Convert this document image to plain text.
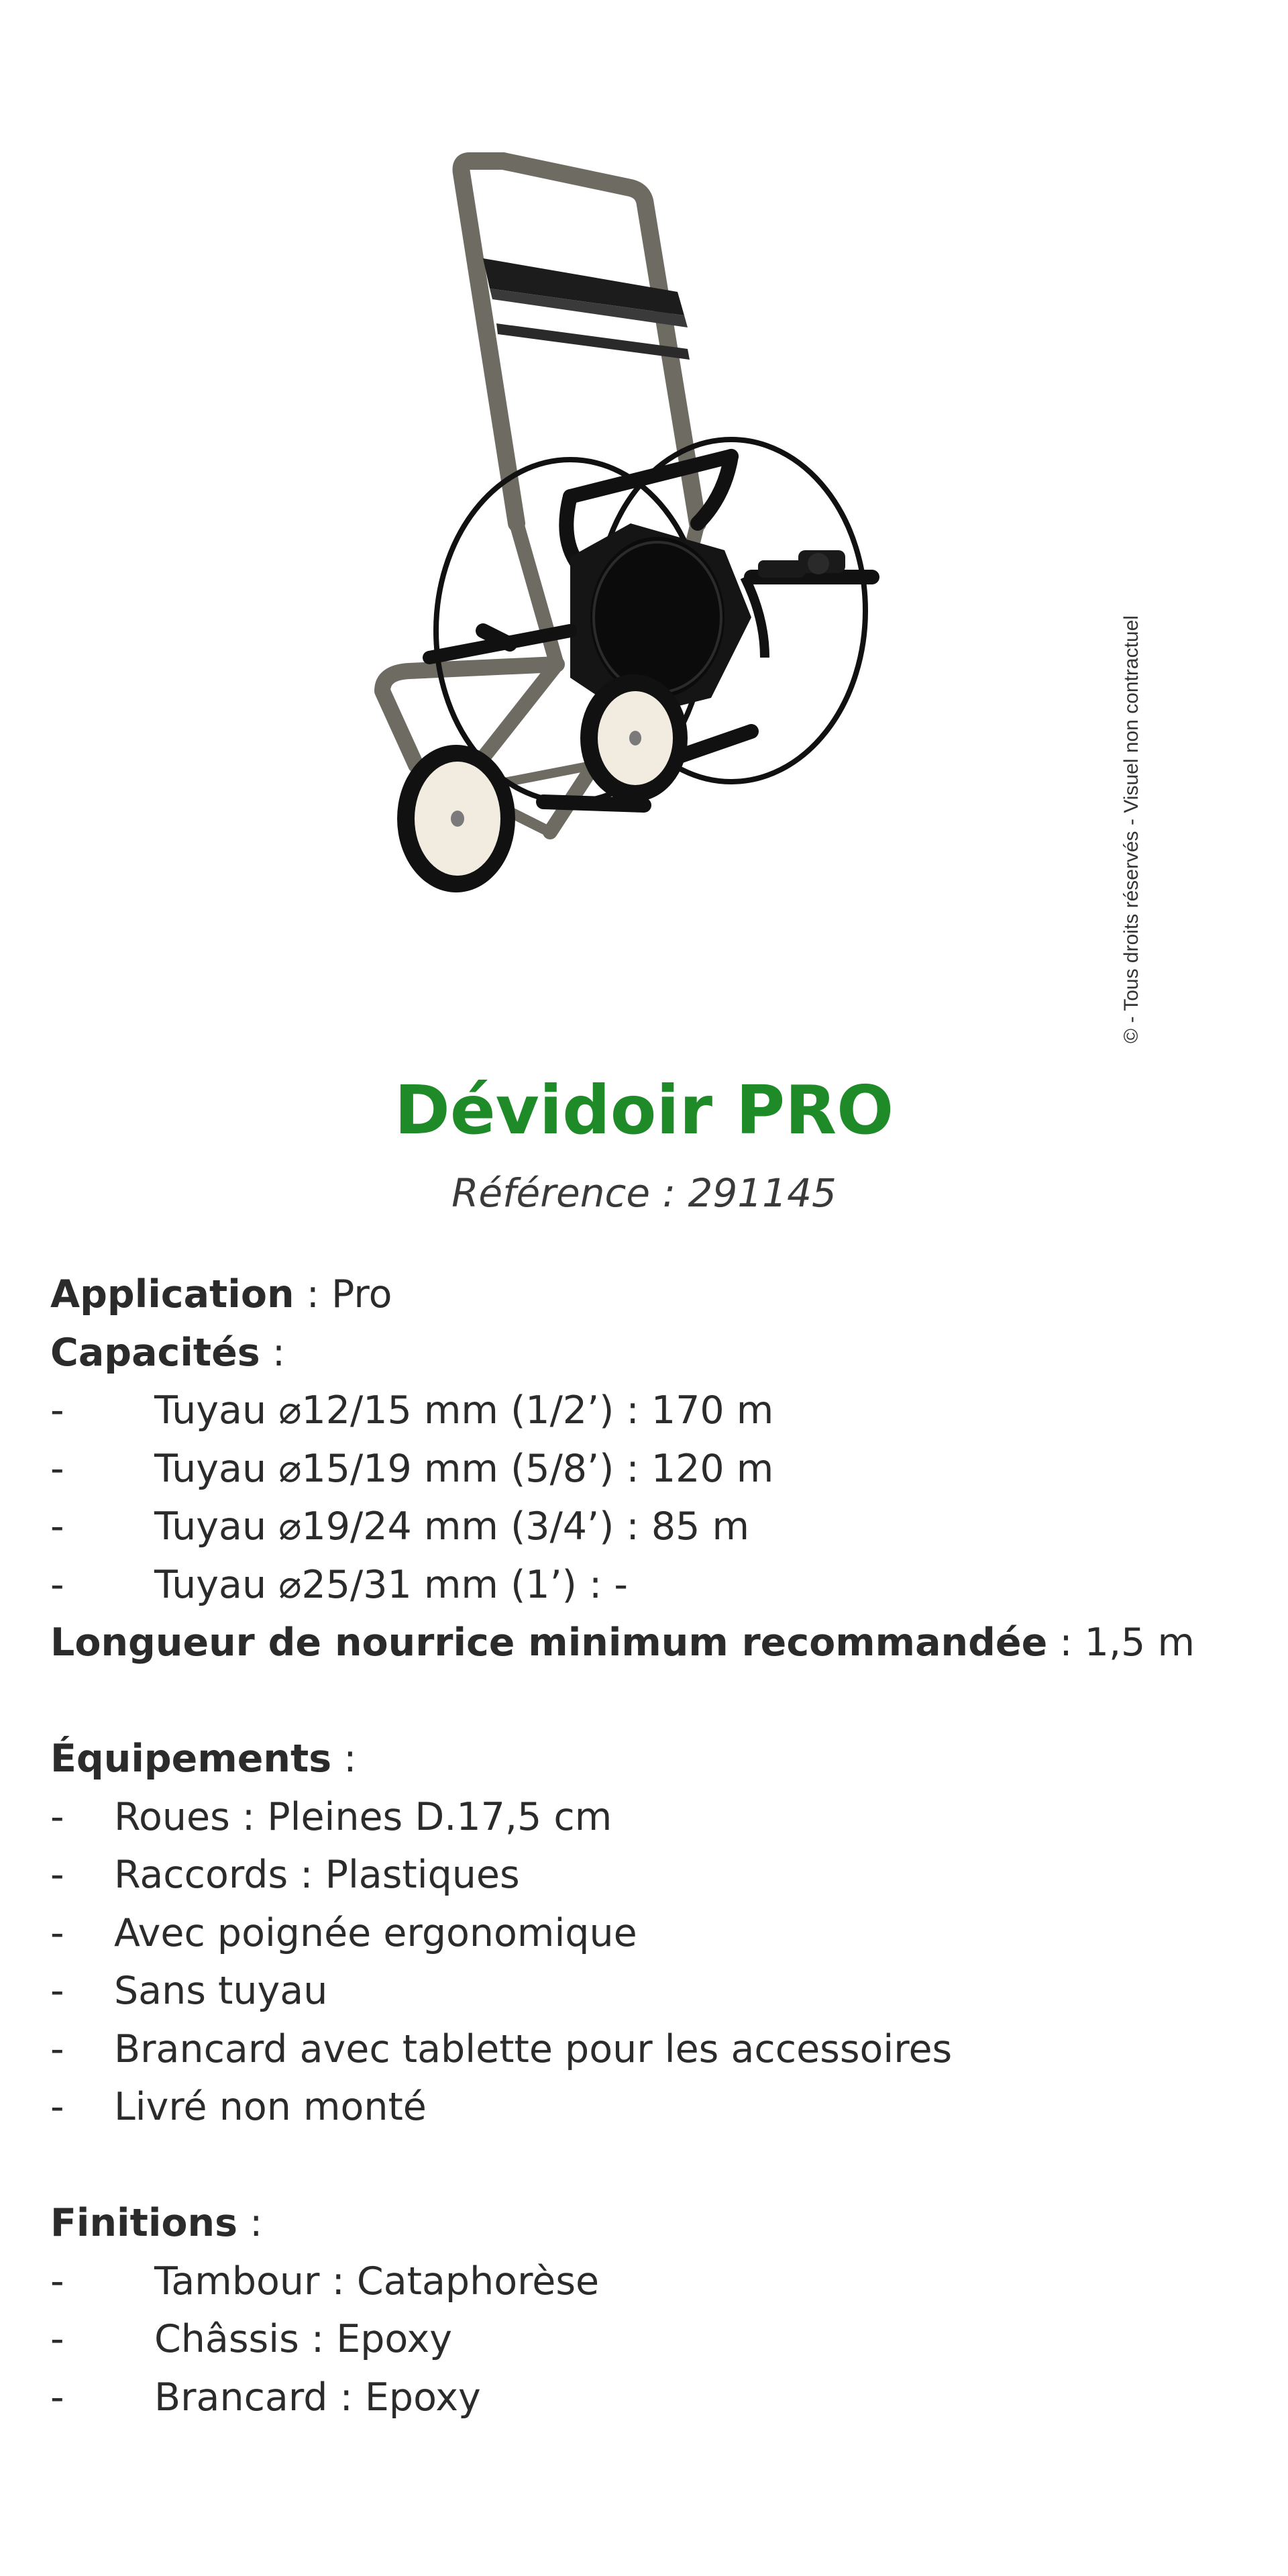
© - Tous droits réservés - Visuel non contractuel
Dévidoir PRO
Référence : 291145
Application : Pro
Capacités :
- Tuyau ⌀12/15 mm (1/2’) : 170 m
- Tuyau ⌀15/19 mm (5/8’) : 120 m
- Tuyau ⌀19/24 mm (3/4’) : 85 m
- Tuyau ⌀25/31 mm (1’) : -
Longueur de nourrice minimum recommandée : 1,5 m
Équipements :
- Roues : Pleines D.17,5 cm
- Raccords : Plastiques
- Avec poignée ergonomique
- Sans tuyau
- Brancard avec tablette pour les accessoires
- Livré non monté
Finitions :
- Tambour : Cataphorèse
- Châssis : Epoxy
- Brancard : Epoxy
